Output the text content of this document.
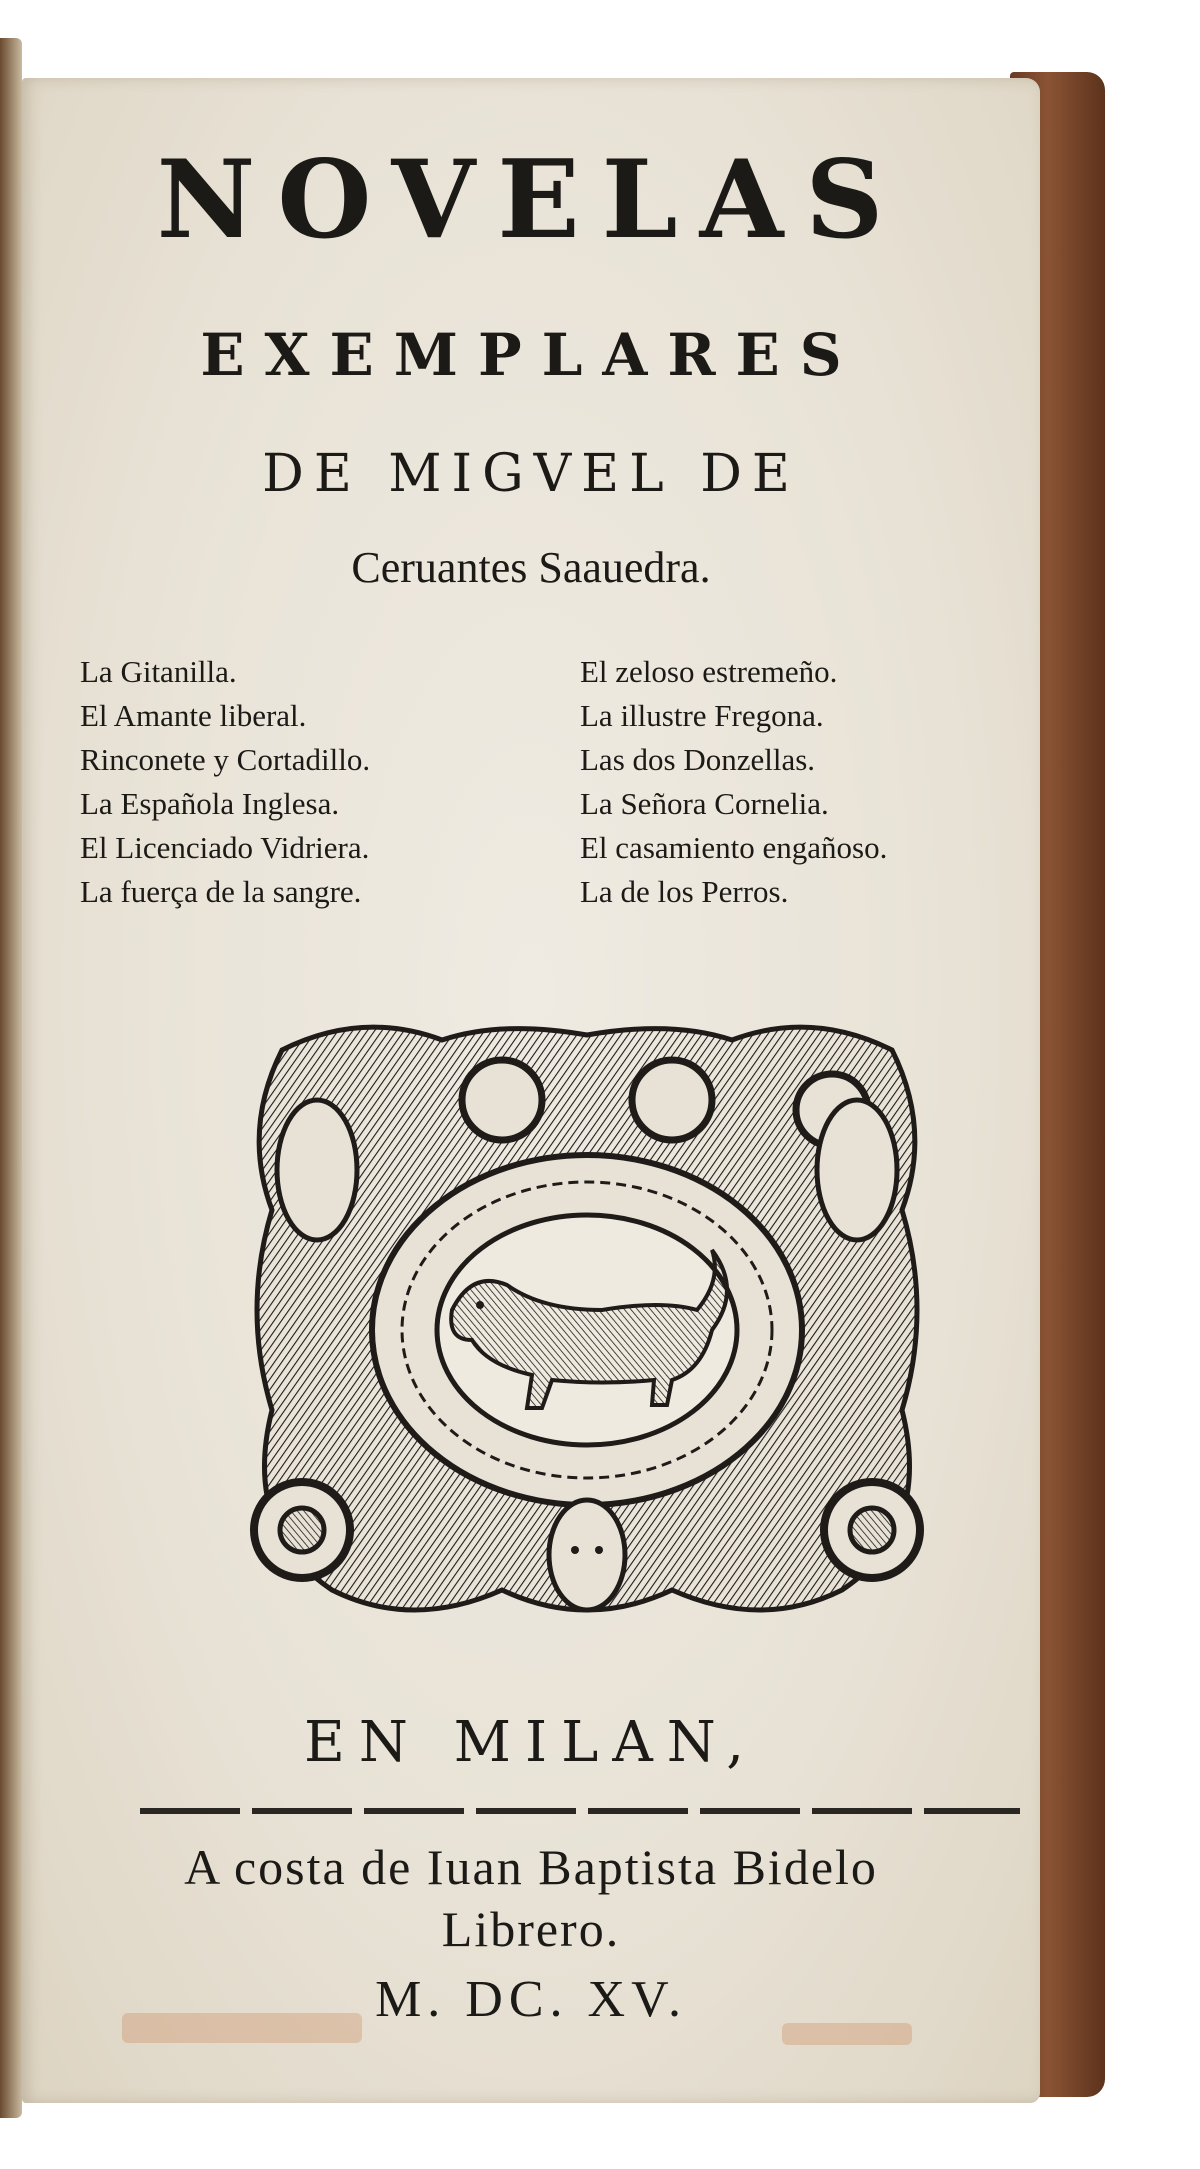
NOVELAS
EXEMPLARES
DE MIGVEL DE
Ceruantes Saauedra.
La Gitanilla.
El Amante liberal.
Rinconete y Cortadillo.
La Española Inglesa.
El Licenciado Vidriera.
La fuerça de la sangre.
El zeloso estremeño.
La illustre Fregona.
Las dos Donzellas.
La Señora Cornelia.
El casamiento engañoso.
La de los Perros.
EN MILAN,
A costa de Iuan Baptista Bidelo
Librero.
M. DC. XV.
